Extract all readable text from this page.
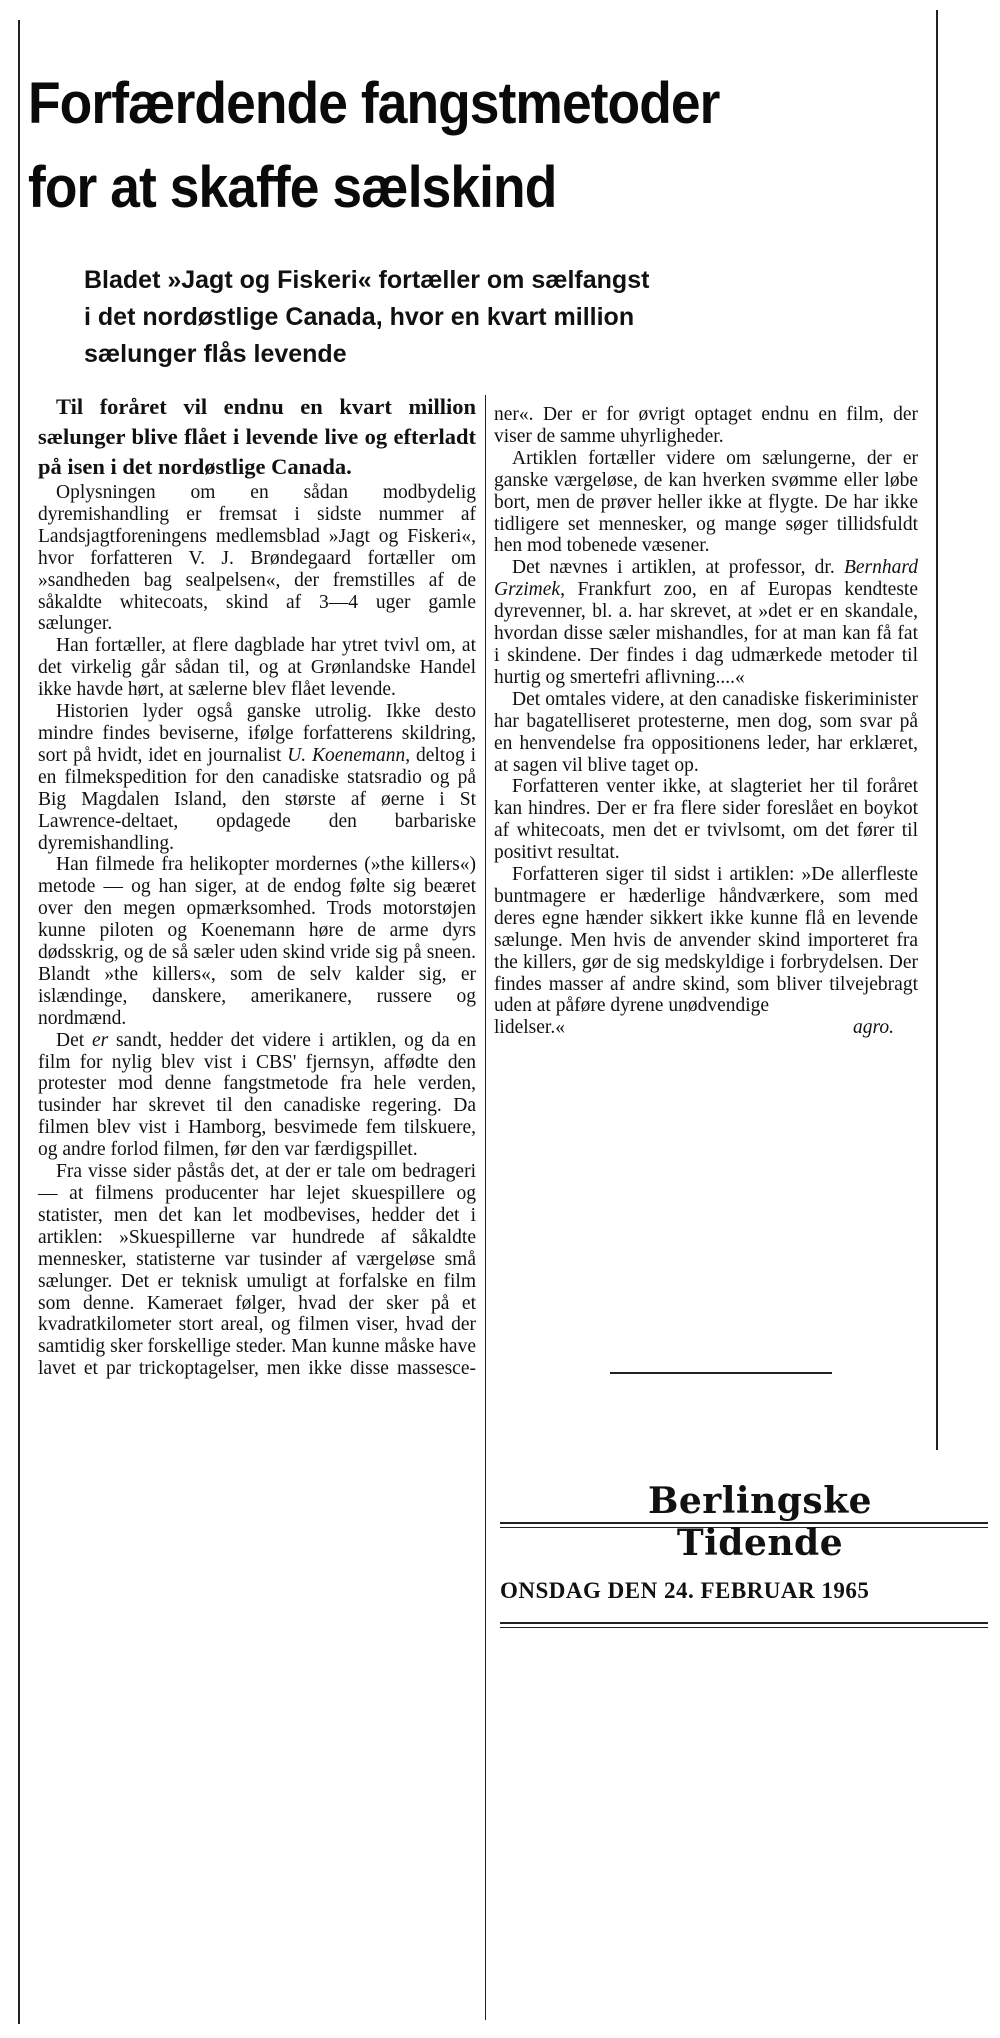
Forfærdende fangstmetoder
for at skaffe sælskind
Bladet »Jagt og Fiskeri« fortæller om sælfangst
i det nordøstlige Canada, hvor en kvart million
sælunger flås levende

Til foråret vil endnu en kvart million sælunger blive flået i levende live og efterladt på isen i det nordøstlige Canada.

Oplysningen om en sådan modbydelig dyremishandling er fremsat i sidste nummer af Landsjagtforeningens medlemsblad »Jagt og Fiskeri«, hvor forfatteren V. J. Brøndegaard fortæller om »sandheden bag sealpelsen«, der fremstilles af de såkaldte whitecoats, skind af 3—4 uger gamle sælunger.

Han fortæller, at flere dagblade har ytret tvivl om, at det virkelig går sådan til, og at Grønlandske Handel ikke havde hørt, at sælerne blev flået levende.

Historien lyder også ganske utrolig. Ikke desto mindre findes beviserne, ifølge forfatterens skildring, sort på hvidt, idet en journalist U. Koenemann, deltog i en filmekspedition for den canadiske statsradio og på Big Magdalen Island, den største af øerne i St Lawrence-deltaet, opdagede den barbariske dyremishandling.

Han filmede fra helikopter mordernes (»the killers«) metode — og han siger, at de endog følte sig beæret over den megen opmærksomhed. Trods motorstøjen kunne piloten og Koenemann høre de arme dyrs dødsskrig, og de så sæler uden skind vride sig på sneen. Blandt »the killers«, som de selv kalder sig, er islændinge, danskere, amerikanere, russere og nordmænd.

Det er sandt, hedder det videre i artiklen, og da en film for nylig blev vist i CBS' fjernsyn, affødte den protester mod denne fangstmetode fra hele verden, tusinder har skrevet til den canadiske regering. Da filmen blev vist i Hamborg, besvimede fem tilskuere, og andre forlod filmen, før den var færdigspillet.

Fra visse sider påstås det, at der er tale om bedrageri — at filmens producenter har lejet skuespillere og statister, men det kan let modbevises, hedder det i artiklen: »Skuespillerne var hundrede af såkaldte mennesker, statisterne var tusinder af værgeløse små sælunger. Det er teknisk umuligt at forfalske en film som denne. Kameraet følger, hvad der sker på et kvadratkilometer stort areal, og filmen viser, hvad der samtidig sker forskellige steder. Man kunne måske have lavet et par trickoptagelser, men ikke disse massesce-

ner«. Der er for øvrigt optaget endnu en film, der viser de samme uhyrligheder.

Artiklen fortæller videre om sælungerne, der er ganske værgeløse, de kan hverken svømme eller løbe bort, men de prøver heller ikke at flygte. De har ikke tidligere set mennesker, og mange søger tillidsfuldt hen mod tobenede væsener.

Det nævnes i artiklen, at professor, dr. Bernhard Grzimek, Frankfurt zoo, en af Europas kendteste dyrevenner, bl. a. har skrevet, at »det er en skandale, hvordan disse sæler mishandles, for at man kan få fat i skindene. Der findes i dag udmærkede metoder til hurtig og smertefri aflivning....«

Det omtales videre, at den canadiske fiskeriminister har bagatelliseret protesterne, men dog, som svar på en henvendelse fra oppositionens leder, har erklæret, at sagen vil blive taget op.

Forfatteren venter ikke, at slagteriet her til foråret kan hindres. Der er fra flere sider foreslået en boykot af whitecoats, men det er tvivlsomt, om det fører til positivt resultat.

Forfatteren siger til sidst i artiklen: »De allerfleste buntmagere er hæderlige håndværkere, som med deres egne hænder sikkert ikke kunne flå en levende sælunge. Men hvis de anvender skind importeret fra the killers, gør de sig medskyldige i forbrydelsen. Der findes masser af andre skind, som bliver tilvejebragt uden at påføre dyrene unødvendige

lidelser.«	agro.
Berlingske Tidende
ONSDAG DEN 24. FEBRUAR 1965
